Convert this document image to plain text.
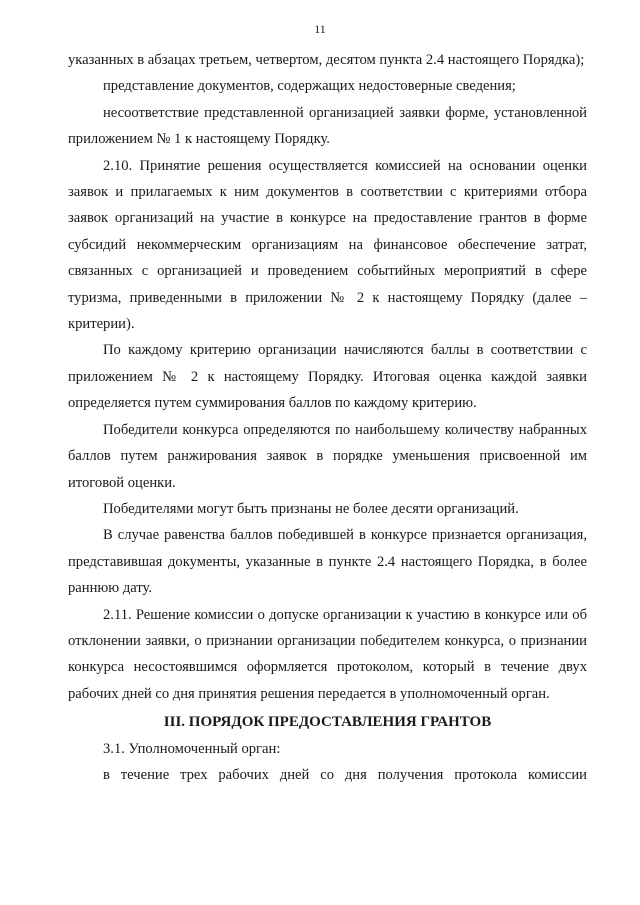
11

указанных в абзацах третьем, четвертом, десятом пункта 2.4 настоящего Порядка);

представление документов, содержащих недостоверные сведения;

несоответствие представленной организацией заявки форме, установленной приложением № 1 к настоящему Порядку.

2.10. Принятие решения осуществляется комиссией на основании оценки заявок и прилагаемых к ним документов в соответствии с критериями отбора заявок организаций на участие в конкурсе на предоставление грантов в форме субсидий некоммерческим организациям на финансовое обеспечение затрат, связанных с организацией и проведением событийных мероприятий в сфере туризма, приведенными в приложении № 2 к настоящему Порядку (далее – критерии).

По каждому критерию организации начисляются баллы в соответствии с приложением № 2 к настоящему Порядку. Итоговая оценка каждой заявки определяется путем суммирования баллов по каждому критерию.

Победители конкурса определяются по наибольшему количеству набранных баллов путем ранжирования заявок в порядке уменьшения присвоенной им итоговой оценки.

Победителями могут быть признаны не более десяти организаций.

В случае равенства баллов победившей в конкурсе признается организация, представившая документы, указанные в пункте 2.4 настоящего Порядка, в более раннюю дату.

2.11. Решение комиссии о допуске организации к участию в конкурсе или об отклонении заявки, о признании организации победителем конкурса, о признании конкурса несостоявшимся оформляется протоколом, который в течение двух рабочих дней со дня принятия решения передается в уполномоченный орган.

III. ПОРЯДОК ПРЕДОСТАВЛЕНИЯ ГРАНТОВ

3.1. Уполномоченный орган:

в течение трех рабочих дней со дня получения протокола комиссии
